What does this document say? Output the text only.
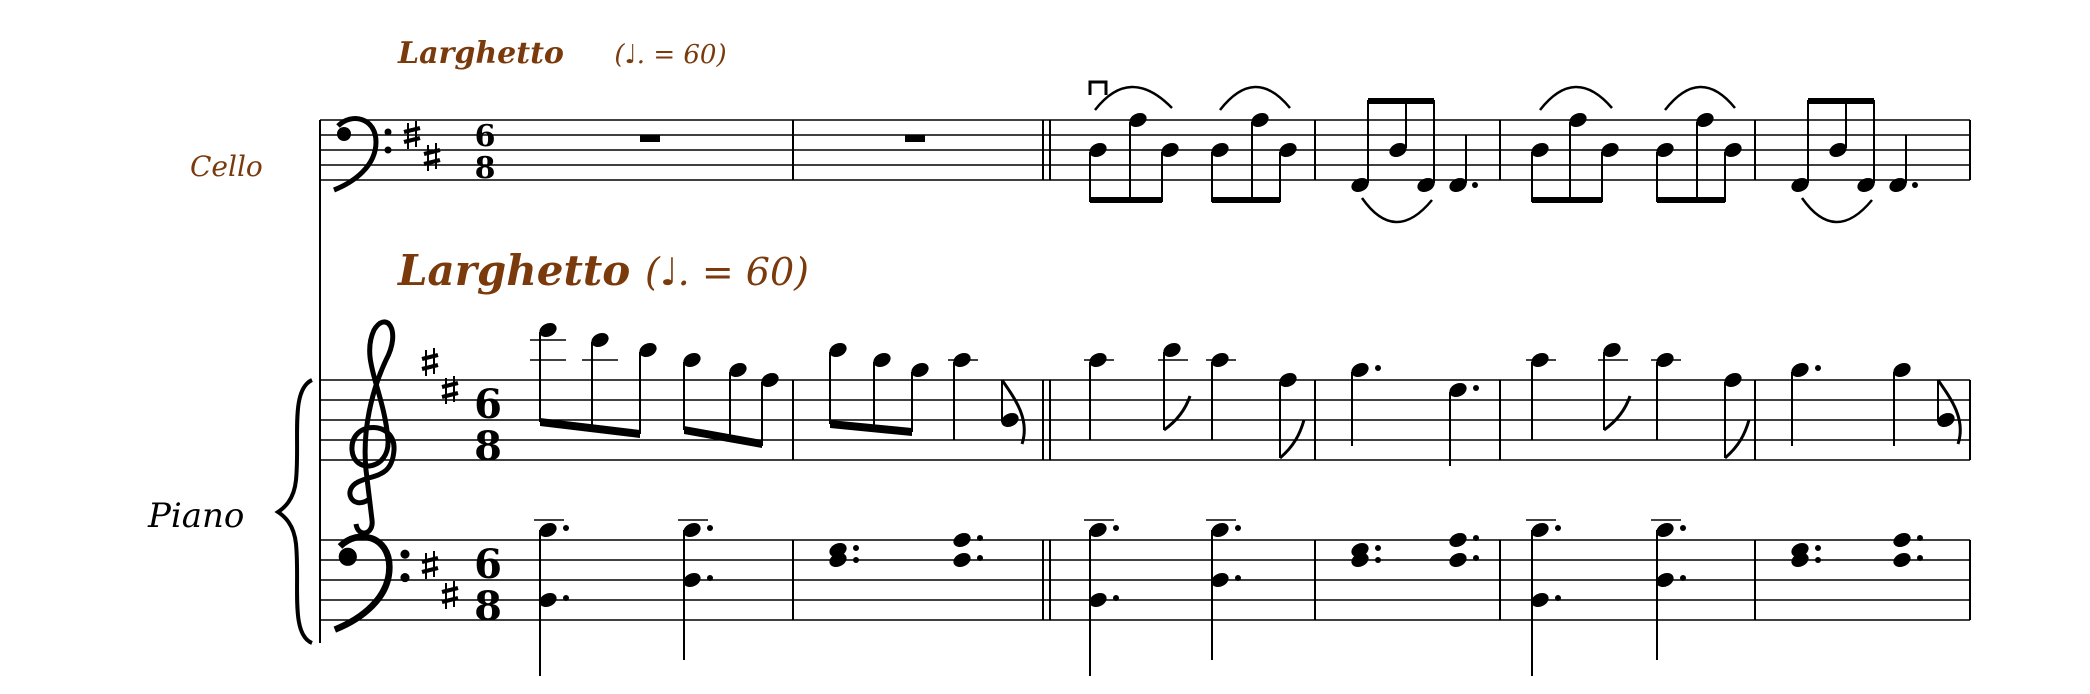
6
8
6
8
6
8
Larghetto (♩. = 60)
Larghetto (♩. = 60)
Cello
Piano
